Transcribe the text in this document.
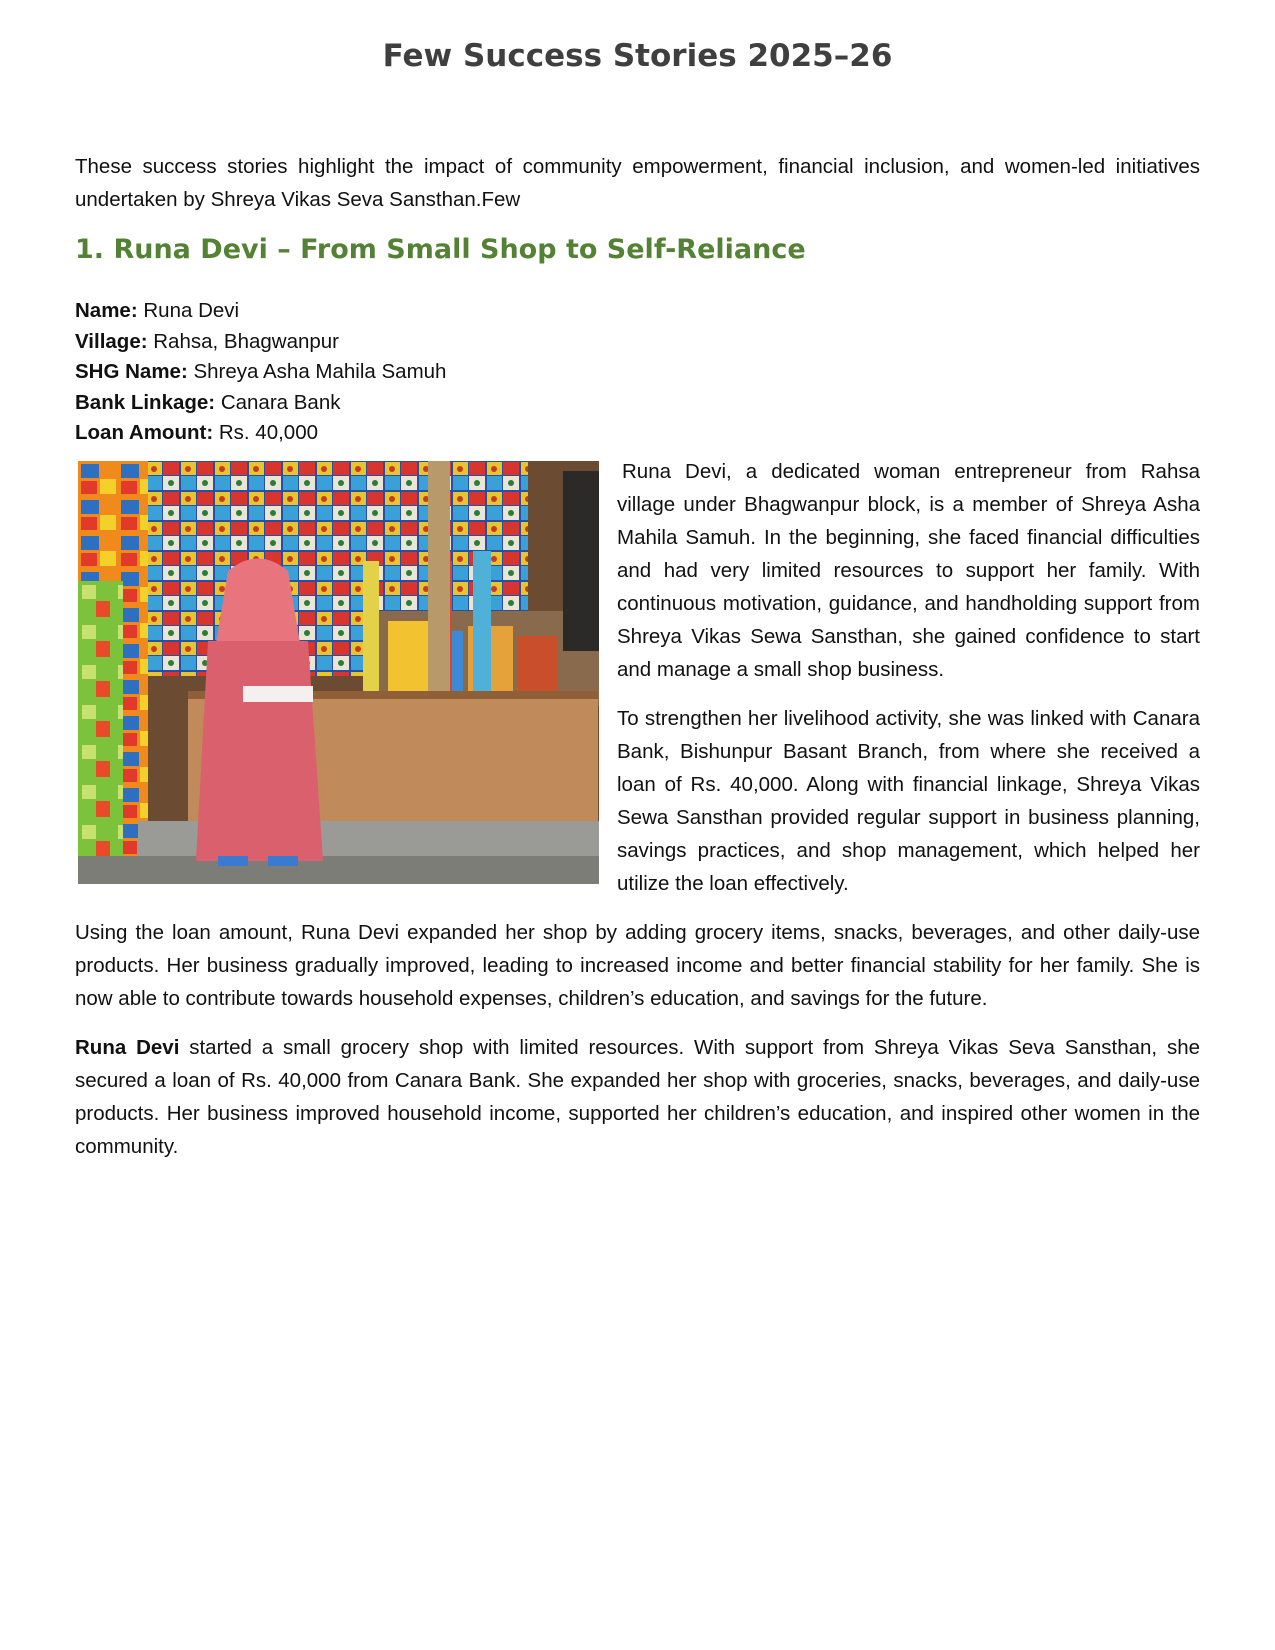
Few Success Stories 2025–26

These success stories highlight the impact of community empowerment, financial inclusion, and women-led initiatives undertaken by Shreya Vikas Seva Sansthan.Few

1. Runa Devi – From Small Shop to Self-Reliance
Name: Runa Devi
Village: Rahsa, Bhagwanpur
SHG Name: Shreya Asha Mahila Samuh
Bank Linkage: Canara Bank
Loan Amount: Rs. 40,000

Runa Devi, a dedicated woman entrepreneur from Rahsa village under Bhagwanpur block, is a member of Shreya Asha Mahila Samuh. In the beginning, she faced financial difficulties and had very limited resources to support her family. With continuous motivation, guidance, and handholding support from Shreya Vikas Sewa Sansthan, she gained confidence to start and manage a small shop business.

To strengthen her livelihood activity, she was linked with Canara Bank, Bishunpur Basant Branch, from where she received a loan of Rs. 40,000. Along with financial linkage, Shreya Vikas Sewa Sansthan provided regular support in business planning, savings practices, and shop management, which helped her utilize the loan effectively.

Using the loan amount, Runa Devi expanded her shop by adding grocery items, snacks, beverages, and other daily-use products. Her business gradually improved, leading to increased income and better financial stability for her family. She is now able to contribute towards household expenses, children’s education, and savings for the future.

Runa Devi started a small grocery shop with limited resources. With support from Shreya Vikas Seva Sansthan, she secured a loan of Rs. 40,000 from Canara Bank. She expanded her shop with groceries, snacks, beverages, and daily-use products. Her business improved household income, supported her children’s education, and inspired other women in the community.
